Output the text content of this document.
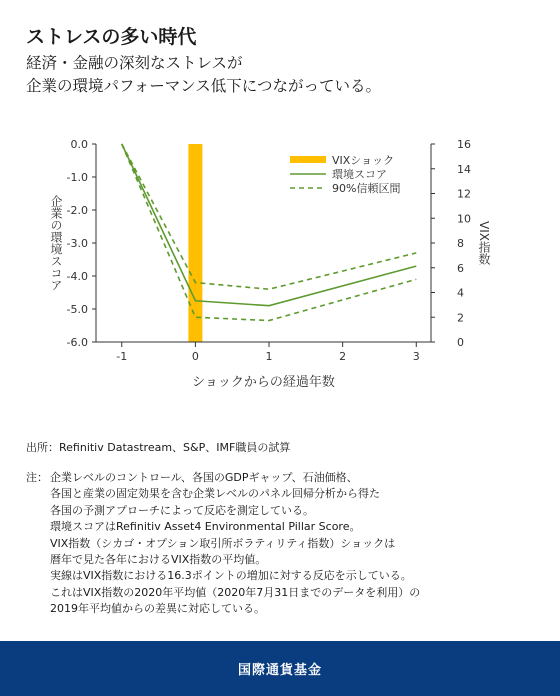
ストレスの多い時代
経済・金融の深刻なストレスが
企業の環境パフォーマンス低下につながっている。
0.0
-1.0
-2.0
-3.0
-4.0
-5.0
-6.0	0
2
4
6
8
10
12
14
16
-1	0	1	2	3
ショックからの経過年数
企業の環境スコア	VIX指数
VIXショック
環境スコア
90%信頼区間
出所：Refinitiv Datastream、S&P、IMF職員の試算
注： 企業レベルのコントロール、各国のGDPギャップ、石油価格、
各国と産業の固定効果を含む企業レベルのパネル回帰分析から得た
各国の予測アプローチによって反応を測定している。
環境スコアはRefinitiv Asset4 Environmental Pillar Score。
VIX指数（シカゴ・オプション取引所ボラティリティ指数）ショックは
暦年で見た各年におけるVIX指数の平均値。
実線はVIX指数における16.3ポイントの増加に対する反応を示している。
これはVIX指数の2020年平均値（2020年7月31日までのデータを利用）の
2019年平均値からの差異に対応している。
国際通貨基金
